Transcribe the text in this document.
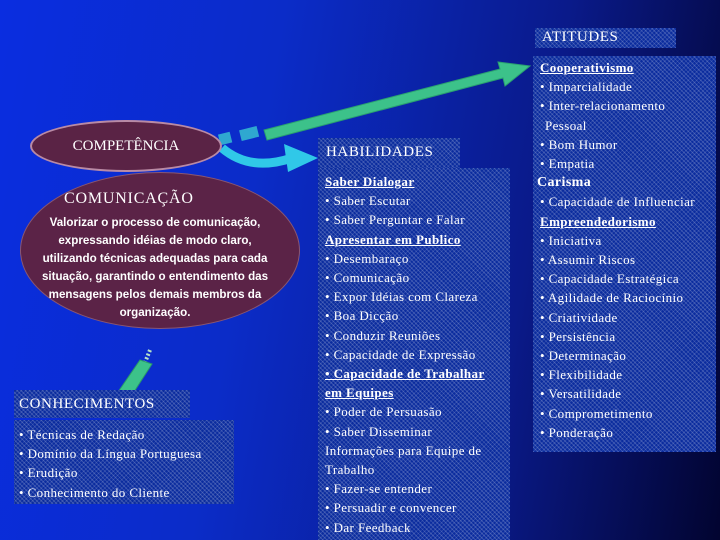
ATITUDES
Cooperativismo
• Imparcialidade
• Inter-relacionamento
Pessoal
• Bom Humor
• Empatia
Carisma
• Capacidade de Influenciar
Empreendedorismo
• Iniciativa
• Assumir Riscos
• Capacidade Estratégica
• Agilidade de Raciocínio
• Criatividade
• Persistência
• Determinação
• Flexibilidade
• Versatilidade
• Comprometimento
• Ponderação
HABILIDADES
Saber Dialogar
• Saber Escutar
• Saber Perguntar e Falar
Apresentar em Publico
• Desembaraço
• Comunicação
• Expor Idéias com Clareza
• Boa Dicção
• Conduzir Reuniões
• Capacidade de Expressão
• Capacidade de Trabalhar
em Equipes
• Poder de Persuasão
• Saber Disseminar
Informações para Equipe de
Trabalho
• Fazer-se entender
• Persuadir e convencer
• Dar Feedback
COMUNICAÇÃO
Valorizar o processo de comunicação,
expressando idéias de modo claro,
utilizando técnicas adequadas para cada
situação, garantindo o entendimento das
mensagens pelos demais membros da
organização.
COMPETÊNCIA
CONHECIMENTOS
• Técnicas de Redação
• Domínio da Língua Portuguesa
• Erudição
• Conhecimento do Cliente
